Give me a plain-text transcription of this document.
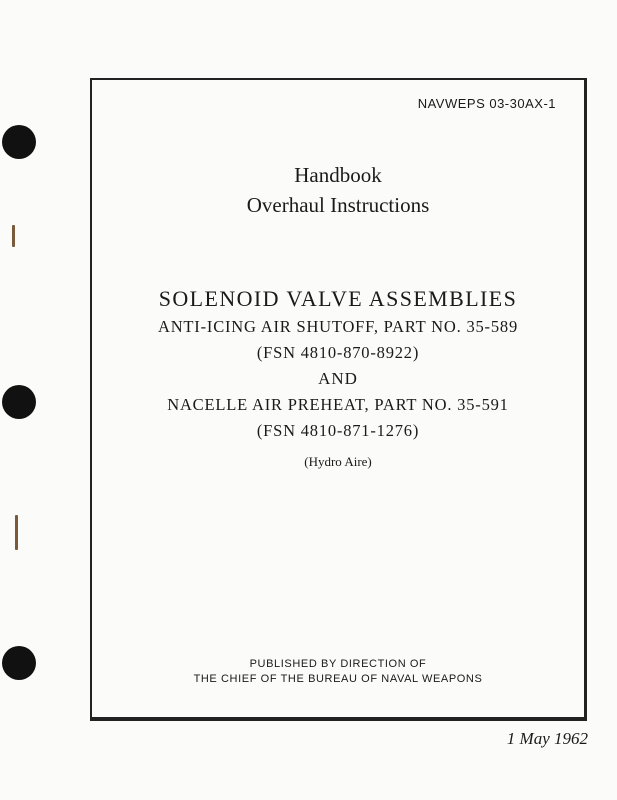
NAVWEPS 03-30AX-1
Handbook
Overhaul Instructions
SOLENOID VALVE ASSEMBLIES
ANTI-ICING AIR SHUTOFF, PART NO. 35-589
(FSN 4810-870-8922)
AND
NACELLE AIR PREHEAT, PART NO. 35-591
(FSN 4810-871-1276)
(Hydro Aire)
PUBLISHED BY DIRECTION OF
THE CHIEF OF THE BUREAU OF NAVAL WEAPONS
1 May 1962
